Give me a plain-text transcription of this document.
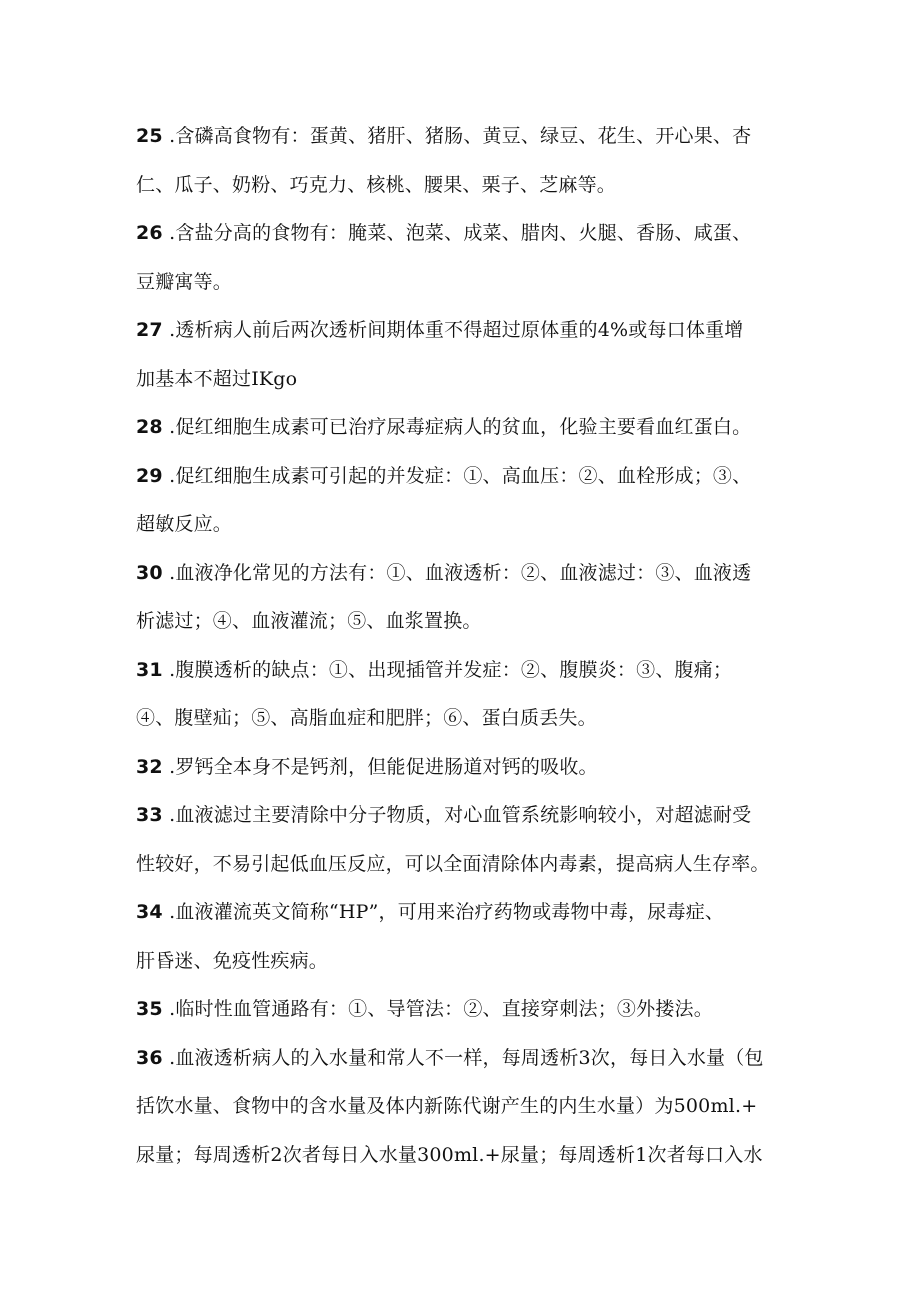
25 .含磷高食物有：蛋黄、猪肝、猪肠、黄豆、绿豆、花生、开心果、杏
仁、瓜子、奶粉、巧克力、核桃、腰果、栗子、芝麻等。
26 .含盐分高的食物有：腌菜、泡菜、成菜、腊肉、火腿、香肠、咸蛋、
豆瓣寓等。
27 .透析病人前后两次透析间期体重不得超过原体重的4%或每口体重增
加基本不超过IKgo
28 .促红细胞生成素可已治疗尿毒症病人的贫血，化验主要看血红蛋白。
29 .促红细胞生成素可引起的并发症：①、高血压：②、血栓形成；③、
超敏反应。
30 .血液净化常见的方法有：①、血液透析：②、血液滤过：③、血液透
析滤过；④、血液灌流；⑤、血浆置换。
31 .腹膜透析的缺点：①、出现插管并发症：②、腹膜炎：③、腹痛；
④、腹壁疝；⑤、高脂血症和肥胖；⑥、蛋白质丢失。
32 .罗钙全本身不是钙剂，但能促进肠道对钙的吸收。
33 .血液滤过主要清除中分子物质，对心血管系统影响较小，对超滤耐受
性较好，不易引起低血压反应，可以全面清除体内毒素，提高病人生存率。
34 .血液灌流英文简称“HP”，可用来治疗药物或毒物中毒，尿毒症、
肝昏迷、免疫性疾病。
35 .临时性血管通路有：①、导管法：②、直接穿刺法；③外搂法。
36 .血液透析病人的入水量和常人不一样，每周透析3次，每日入水量（包
括饮水量、食物中的含水量及体内新陈代谢产生的内生水量）为500ml.+
尿量；每周透析2次者每日入水量300ml.+尿量；每周透析1次者每口入水
